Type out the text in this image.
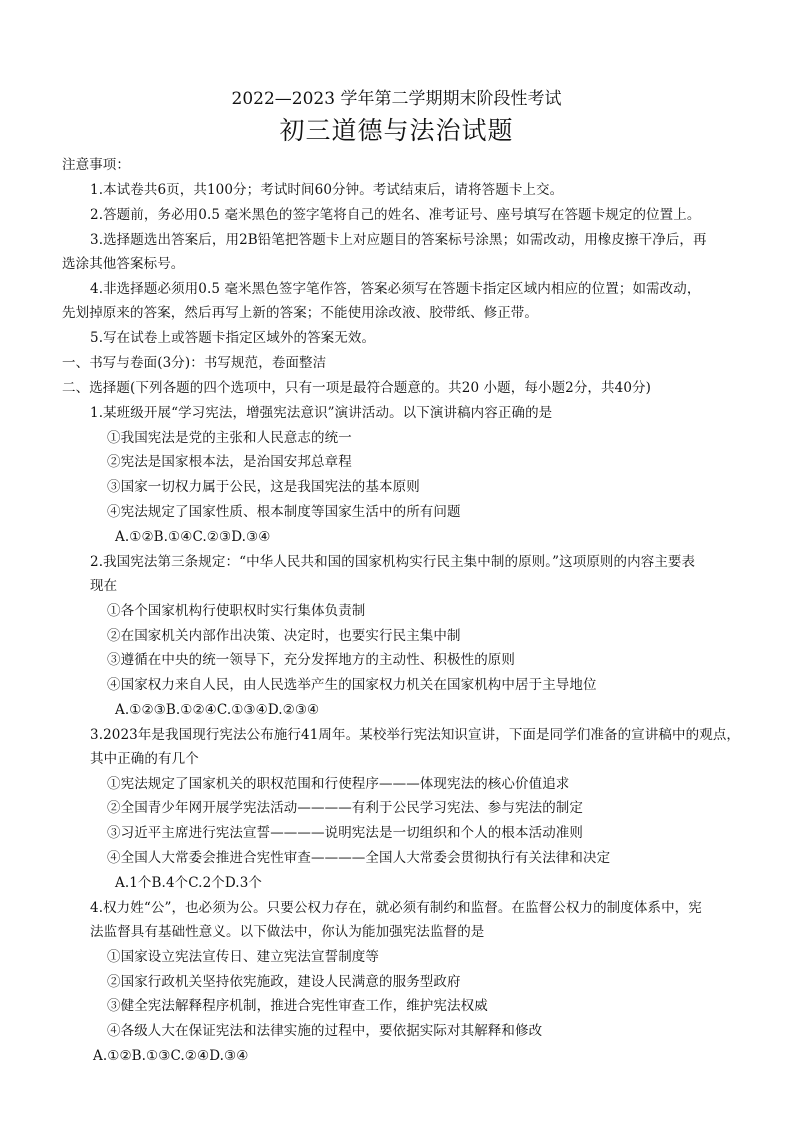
2022—2023 学年第二学期期末阶段性考试
初三道德与法治试题
注意事项：
1.本试卷共6页，共100分；考试时间60分钟。考试结束后，请将答题卡上交。
2.答题前，务必用0.5 毫米黑色的签字笔将自己的姓名、准考证号、座号填写在答题卡规定的位置上。
3.选择题选出答案后，用2B铅笔把答题卡上对应题目的答案标号涂黑；如需改动，用橡皮擦干净后，再
选涂其他答案标号。
4.非选择题必须用0.5 毫米黑色签字笔作答，答案必须写在答题卡指定区域内相应的位置；如需改动，
先划掉原来的答案，然后再写上新的答案；不能使用涂改液、胶带纸、修正带。
5.写在试卷上或答题卡指定区域外的答案无效。
一、书写与卷面(3分)：书写规范，卷面整洁
二、选择题(下列各题的四个选项中，只有一项是最符合题意的。共20 小题，每小题2分，共40分)
1.某班级开展“学习宪法，增强宪法意识”演讲活动。以下演讲稿内容正确的是
①我国宪法是党的主张和人民意志的统一
②宪法是国家根本法，是治国安邦总章程
③国家一切权力属于公民，这是我国宪法的基本原则
④宪法规定了国家性质、根本制度等国家生活中的所有问题
A.①②B.①④C.②③D.③④
2.我国宪法第三条规定：“中华人民共和国的国家机构实行民主集中制的原则。”这项原则的内容主要表
现在
①各个国家机构行使职权时实行集体负责制
②在国家机关内部作出决策、决定时，也要实行民主集中制
③遵循在中央的统一领导下，充分发挥地方的主动性、积极性的原则
④国家权力来自人民，由人民选举产生的国家权力机关在国家机构中居于主导地位
A.①②③B.①②④C.①③④D.②③④
3.2023年是我国现行宪法公布施行41周年。某校举行宪法知识宣讲，下面是同学们准备的宣讲稿中的观点，
其中正确的有几个
①宪法规定了国家机关的职权范围和行使程序———体现宪法的核心价值追求
②全国青少年网开展学宪法活动————有利于公民学习宪法、参与宪法的制定
③习近平主席进行宪法宣誓————说明宪法是一切组织和个人的根本活动准则
④全国人大常委会推进合宪性审查————全国人大常委会贯彻执行有关法律和决定
A.1个B.4个C.2个D.3个
4.权力姓“公”，也必须为公。只要公权力存在，就必须有制约和监督。在监督公权力的制度体系中，宪
法监督具有基础性意义。以下做法中，你认为能加强宪法监督的是
①国家设立宪法宣传日、建立宪法宣誓制度等
②国家行政机关坚持依宪施政，建设人民满意的服务型政府
③健全宪法解释程序机制，推进合宪性审查工作，维护宪法权威
④各级人大在保证宪法和法律实施的过程中，要依据实际对其解释和修改
A.①②B.①③C.②④D.③④
